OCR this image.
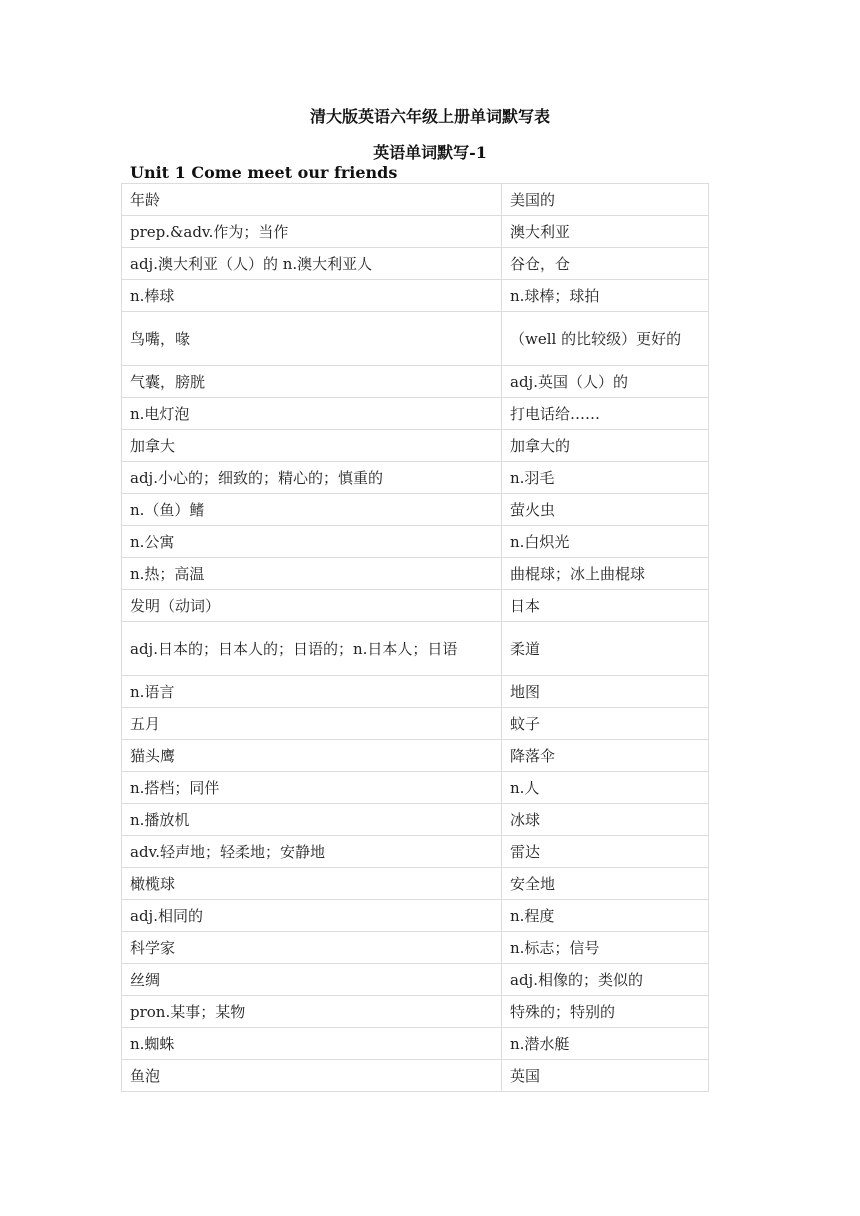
清大版英语六年级上册单词默写表
英语单词默写-1
Unit 1 Come meet our friends
年龄	美国的
prep.&adv.作为；当作	澳大利亚
adj.澳大利亚（人）的 n.澳大利亚人	谷仓，仓
n.棒球	n.球棒；球拍
鸟嘴，喙	（well 的比较级）更好的
气囊，膀胱	adj.英国（人）的
n.电灯泡	打电话给……
加拿大	加拿大的
adj.小心的；细致的；精心的；慎重的	n.羽毛
n.（鱼）鳍	萤火虫
n.公寓	n.白炽光
n.热；高温	曲棍球；冰上曲棍球
发明（动词）	日本
adj.日本的；日本人的；日语的；n.日本人；日语	柔道
n.语言	地图
五月	蚊子
猫头鹰	降落伞
n.搭档；同伴	n.人
n.播放机	冰球
adv.轻声地；轻柔地；安静地	雷达
橄榄球	安全地
adj.相同的	n.程度
科学家	n.标志；信号
丝绸	adj.相像的；类似的
pron.某事；某物	特殊的；特别的
n.蜘蛛	n.潜水艇
鱼泡	英国
